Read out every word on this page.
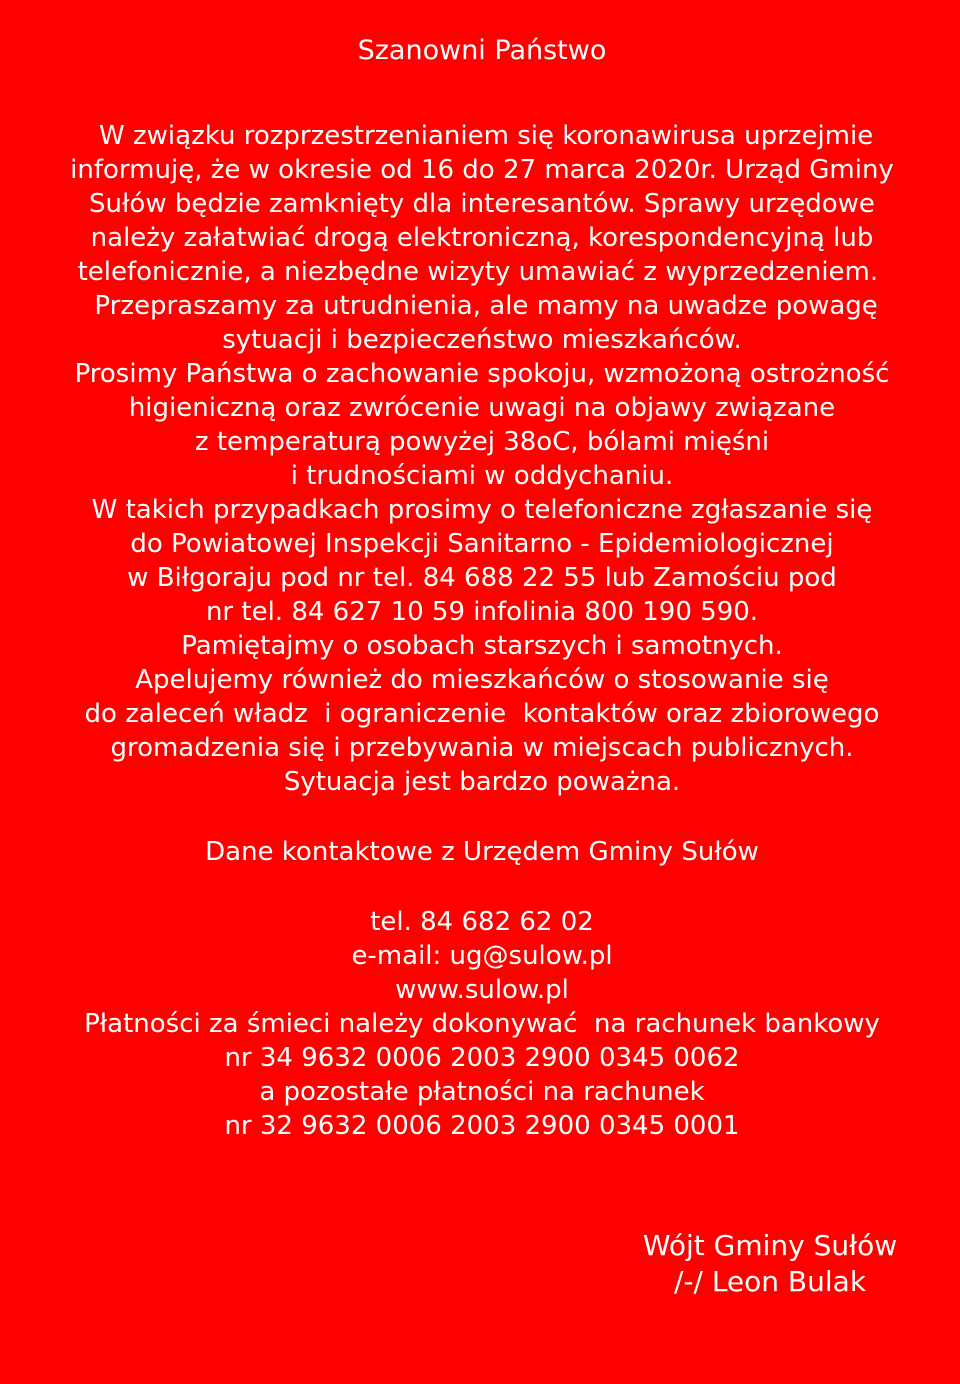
Szanowni Państwo
W związku rozprzestrzenianiem się koronawirusa uprzejmie
informuję, że w okresie od 16 do 27 marca 2020r. Urząd Gminy
Sułów będzie zamknięty dla interesantów. Sprawy urzędowe
należy załatwiać drogą elektroniczną, korespondencyjną lub
telefonicznie, a niezbędne wizyty umawiać z wyprzedzeniem.
Przepraszamy za utrudnienia, ale mamy na uwadze powagę
sytuacji i bezpieczeństwo mieszkańców.
Prosimy Państwa o zachowanie spokoju, wzmożoną ostrożność
higieniczną oraz zwrócenie uwagi na objawy związane
z temperaturą powyżej 38oC, bólami mięśni
i trudnościami w oddychaniu.
W takich przypadkach prosimy o telefoniczne zgłaszanie się
do Powiatowej Inspekcji Sanitarno - Epidemiologicznej
w Biłgoraju pod nr tel. 84 688 22 55 lub Zamościu pod
nr tel. 84 627 10 59 infolinia 800 190 590.
Pamiętajmy o osobach starszych i samotnych.
Apelujemy również do mieszkańców o stosowanie się
do zaleceń władz  i ograniczenie  kontaktów oraz zbiorowego
gromadzenia się i przebywania w miejscach publicznych.
Sytuacja jest bardzo poważna.
Dane kontaktowe z Urzędem Gminy Sułów
tel. 84 682 62 02
e-mail: ug@sulow.pl
www.sulow.pl
Płatności za śmieci należy dokonywać  na rachunek bankowy
nr 34 9632 0006 2003 2900 0345 0062
a pozostałe płatności na rachunek
nr 32 9632 0006 2003 2900 0345 0001
Wójt Gminy Sułów
/-/ Leon Bulak
